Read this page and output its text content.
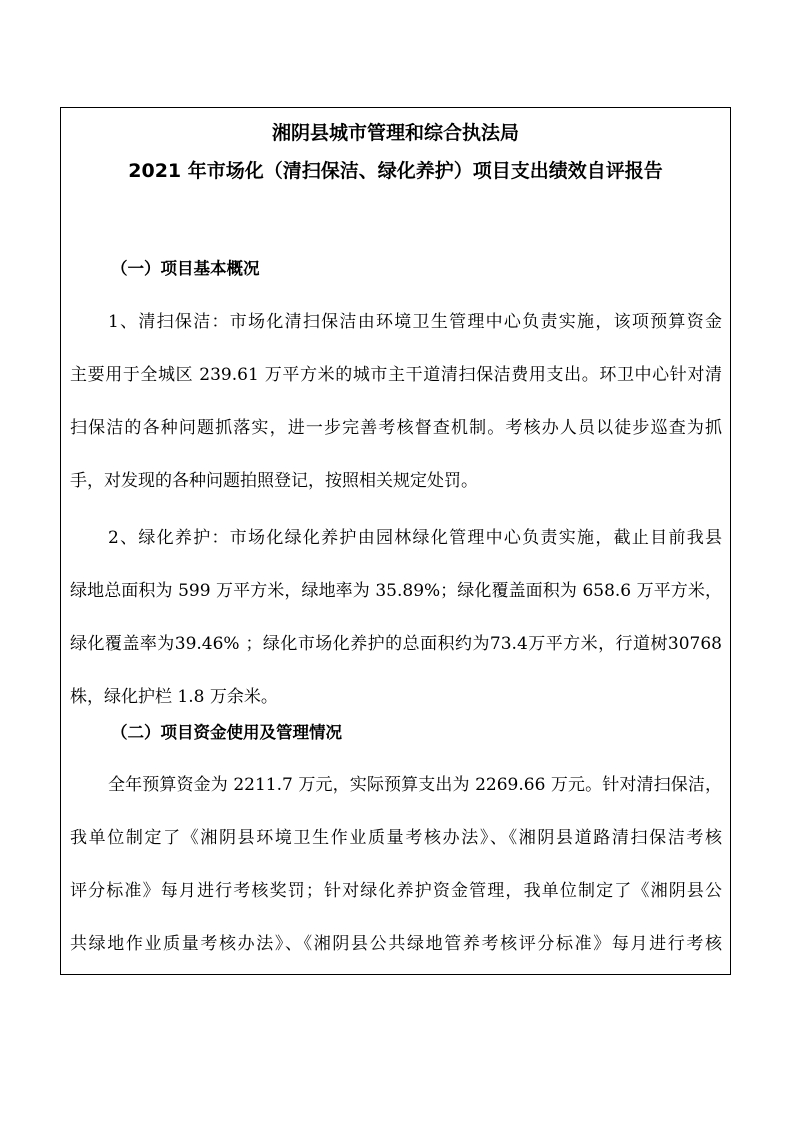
湘阴县城市管理和综合执法局
2021 年市场化（清扫保洁、绿化养护）项目支出绩效自评报告
（一）项目基本概况
1、清扫保洁：市场化清扫保洁由环境卫生管理中心负责实施，该项预算资金
主要用于全城区 239.61 万平方米的城市主干道清扫保洁费用支出。环卫中心针对清
扫保洁的各种问题抓落实，进一步完善考核督查机制。考核办人员以徒步巡查为抓
手，对发现的各种问题拍照登记，按照相关规定处罚。
2、绿化养护：市场化绿化养护由园林绿化管理中心负责实施，截止目前我县
绿地总面积为 599 万平方米，绿地率为 35.89%；绿化覆盖面积为 658.6 万平方米，
绿化覆盖率为39.46% ；绿化市场化养护的总面积约为73.4万平方米，行道树30768
株，绿化护栏 1.8 万余米。
（二）项目资金使用及管理情况
全年预算资金为 2211.7 万元，实际预算支出为 2269.66 万元。针对清扫保洁，
我单位制定了《湘阴县环境卫生作业质量考核办法》、《湘阴县道路清扫保洁考核
评分标准》每月进行考核奖罚；针对绿化养护资金管理，我单位制定了《湘阴县公
共绿地作业质量考核办法》、《湘阴县公共绿地管养考核评分标准》每月进行考核
